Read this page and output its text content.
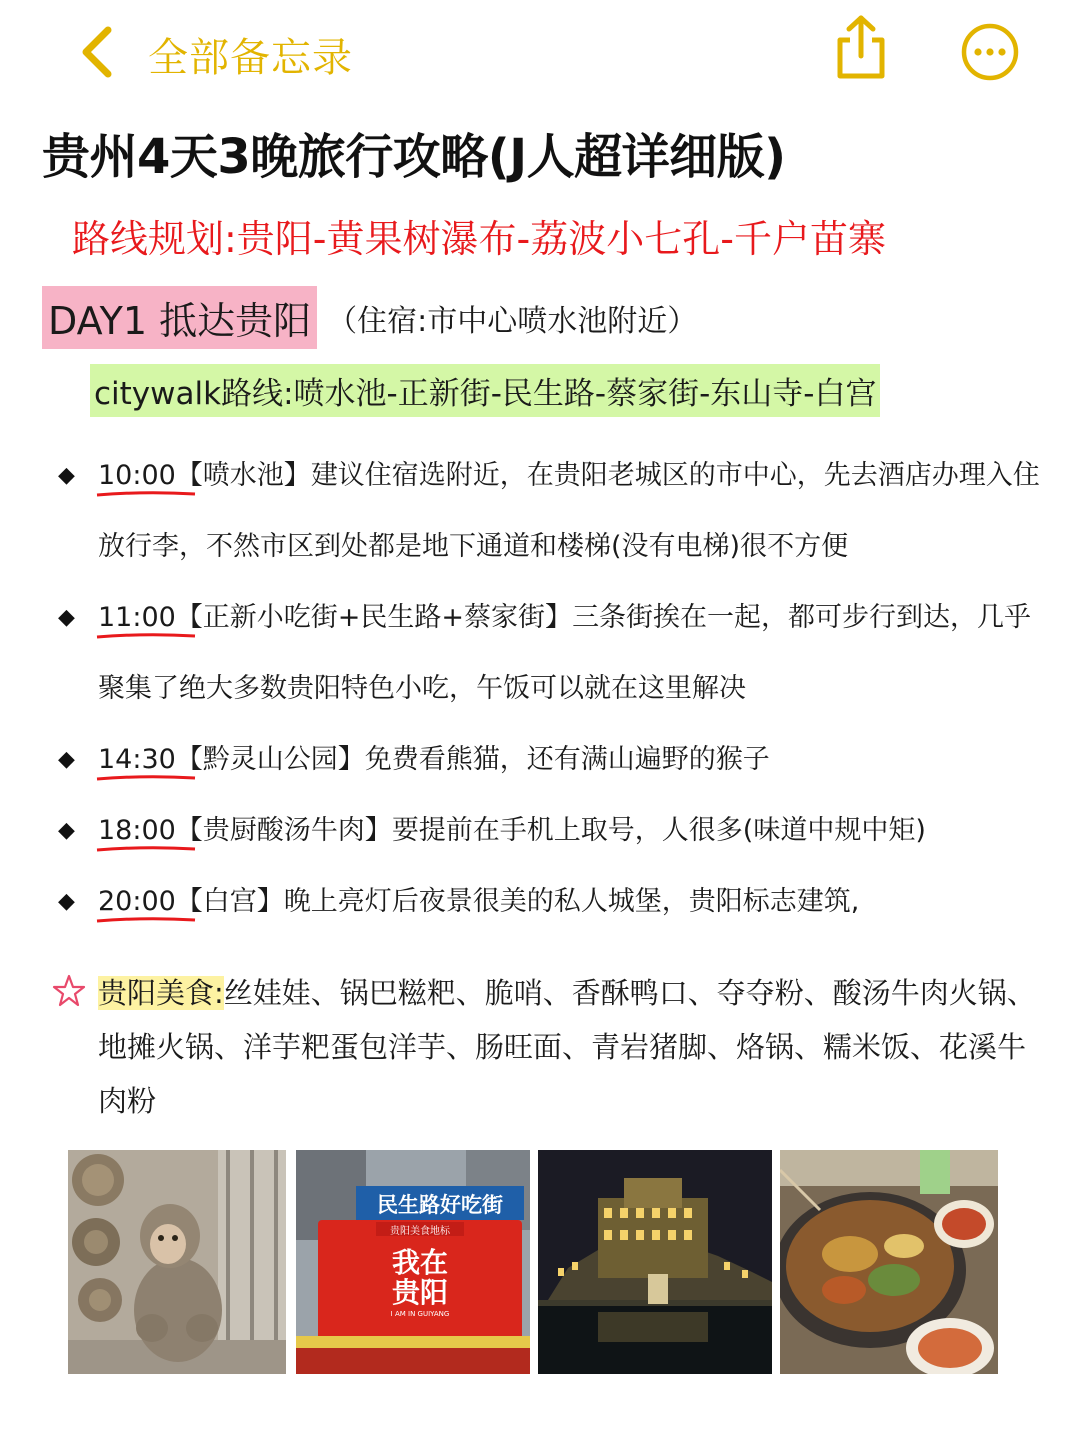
全部备忘录
贵州4天3晚旅行攻略(J人超详细版)
路线规划:贵阳-黄果树瀑布-荔波小七孔-千户苗寨
DAY1 抵达贵阳 （住宿:市中心喷水池附近）
citywalk路线:喷水池-正新街-民生路-蔡家街-东山寺-白宫
◆ 10:00【喷水池】
建议住宿选附近，在贵阳老城区的市中心，先去酒店办理入住放行李，不然市区到处都是地下通道和楼梯(没有电梯)很不方便
◆ 11:00【正新小吃街+民生路+蔡家街】
三条街挨在一起，都可步行到达，几乎聚集了绝大多数贵阳特色小吃，午饭可以就在这里解决
◆ 14:30【黔灵山公园】
免费看熊猫，还有满山遍野的猴子
◆ 18:00【贵厨酸汤牛肉】
要提前在手机上取号，人很多(味道中规中矩)
◆ 20:00【白宫】
晚上亮灯后夜景很美的私人城堡，贵阳标志建筑,
贵阳美食:丝娃娃、锅巴糍粑、脆哨、香酥鸭口、夺夺粉、酸汤牛肉火锅、地摊火锅、洋芋粑蛋包洋芋、肠旺面、青岩猪脚、烙锅、糯米饭、花溪牛肉粉
民生路好吃街
贵阳美食地标
我在
贵阳
I AM IN GUIYANG
